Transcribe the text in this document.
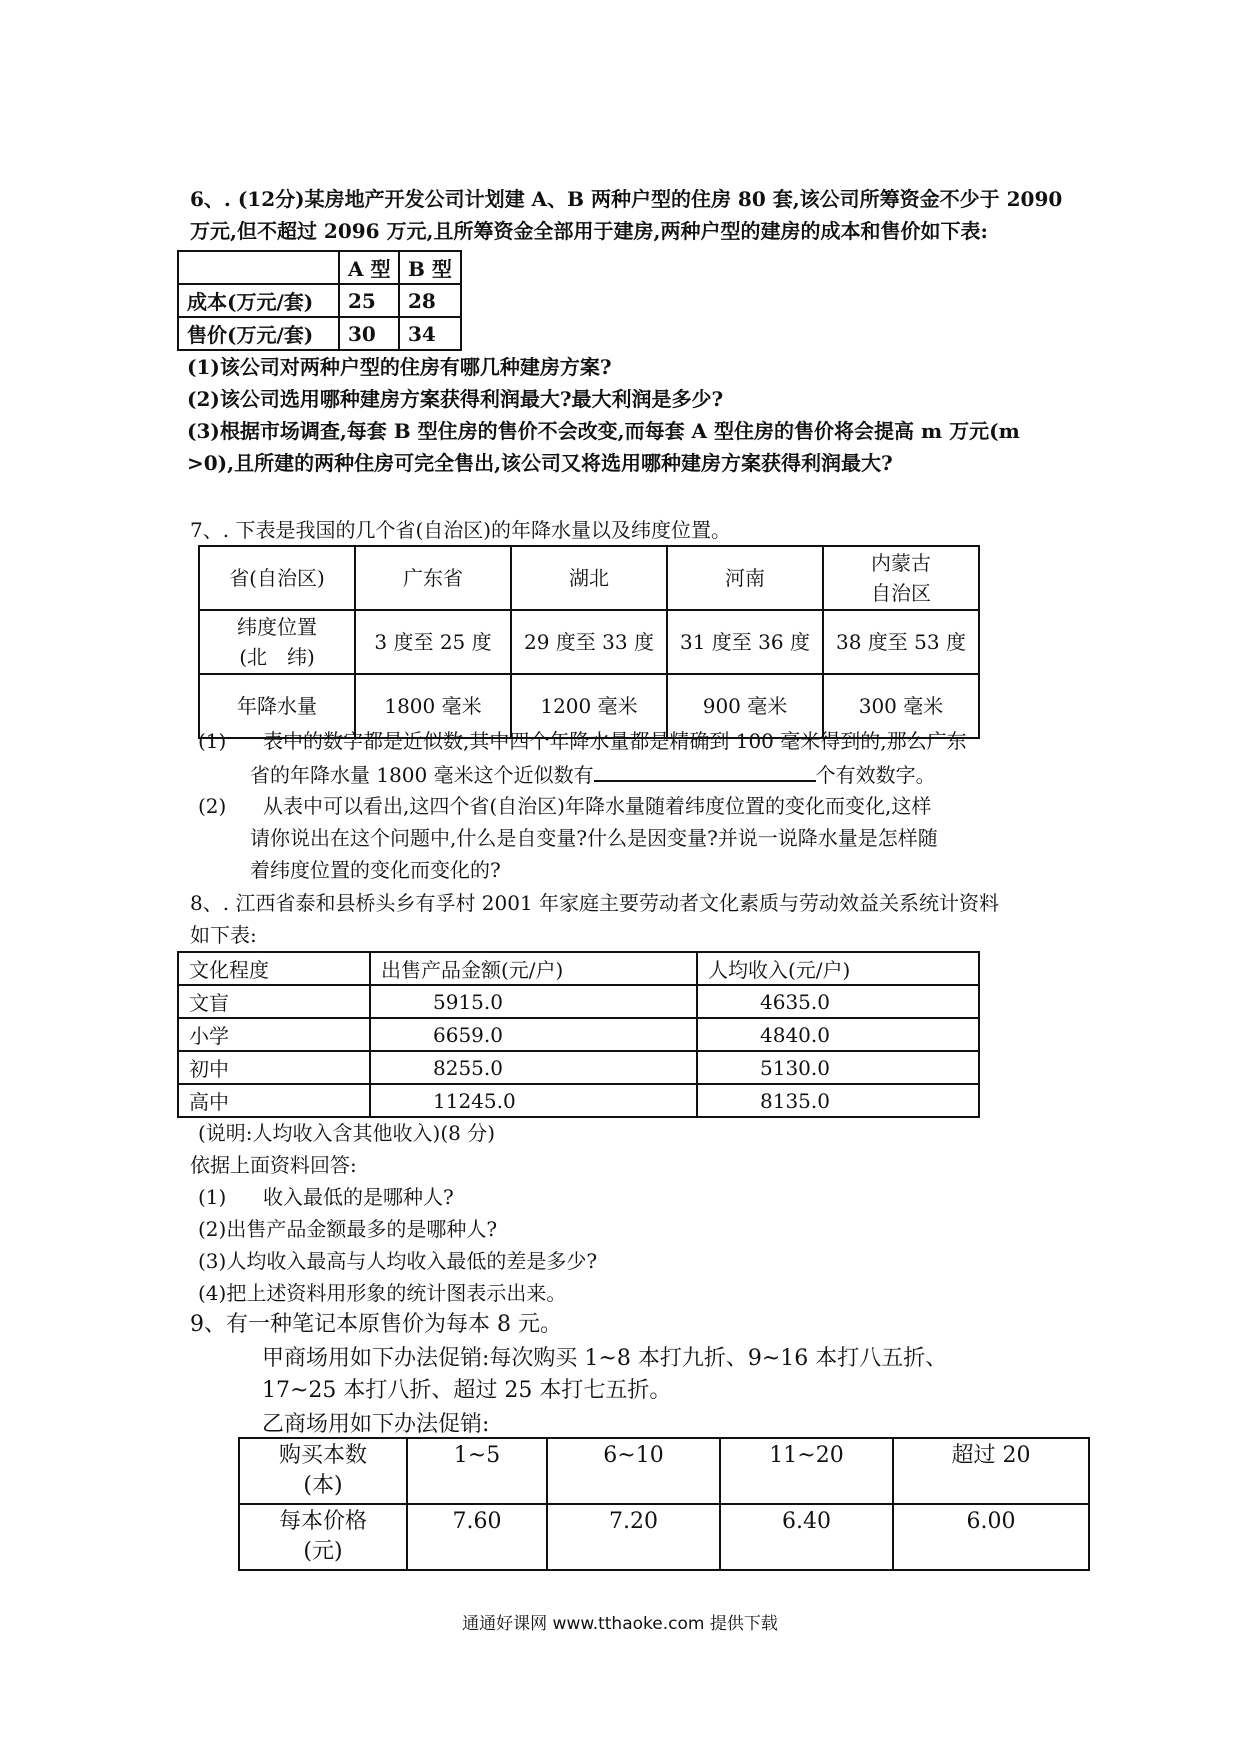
6、. (12分)某房地产开发公司计划建 A、B 两种户型的住房 80 套,该公司所筹资金不少于 2090
万元,但不超过 2096 万元,且所筹资金全部用于建房,两种户型的建房的成本和售价如下表:
	A 型	B 型
成本(万元/套)	25	28
售价(万元/套)	30	34
(1)该公司对两种户型的住房有哪几种建房方案?
(2)该公司选用哪种建房方案获得利润最大?最大利润是多少?
(3)根据市场调查,每套 B 型住房的售价不会改变,而每套 A 型住房的售价将会提高 m 万元(m
>0),且所建的两种住房可完全售出,该公司又将选用哪种建房方案获得利润最大?
7、. 下表是我国的几个省(自治区)的年降水量以及纬度位置。
省(自治区)	广东省	湖北	河南	内蒙古
自治区
纬度位置
(北　纬)	3 度至 25 度	29 度至 33 度	31 度至 36 度	38 度至 53 度
年降水量	1800 毫米	1200 毫米	900 毫米	300 毫米
(1) 表中的数字都是近似数,其中四个年降水量都是精确到 100 毫米得到的,那么广东
省的年降水量 1800 毫米这个近似数有	个有效数字。
(2) 从表中可以看出,这四个省(自治区)年降水量随着纬度位置的变化而变化,这样
请你说出在这个问题中,什么是自变量?什么是因变量?并说一说降水量是怎样随
着纬度位置的变化而变化的?
8、. 江西省泰和县桥头乡有孚村 2001 年家庭主要劳动者文化素质与劳动效益关系统计资料
如下表:
文化程度	出售产品金额(元/户)	人均收入(元/户)
文盲	5915.0	4635.0
小学	6659.0	4840.0
初中	8255.0	5130.0
高中	11245.0	8135.0
(说明:人均收入含其他收入)(8 分)
依据上面资料回答:
(1) 收入最低的是哪种人?
(2)出售产品金额最多的是哪种人?
(3)人均收入最高与人均收入最低的差是多少?
(4)把上述资料用形象的统计图表示出来。
9、有一种笔记本原售价为每本 8 元。
甲商场用如下办法促销:每次购买 1~8 本打九折、9~16 本打八五折、
17~25 本打八折、超过 25 本打七五折。
乙商场用如下办法促销:
购买本数
(本)	1~5	6~10	11~20	超过 20
每本价格
(元)	7.60	7.20	6.40	6.00
通通好课网 www.tthaoke.com 提供下载
